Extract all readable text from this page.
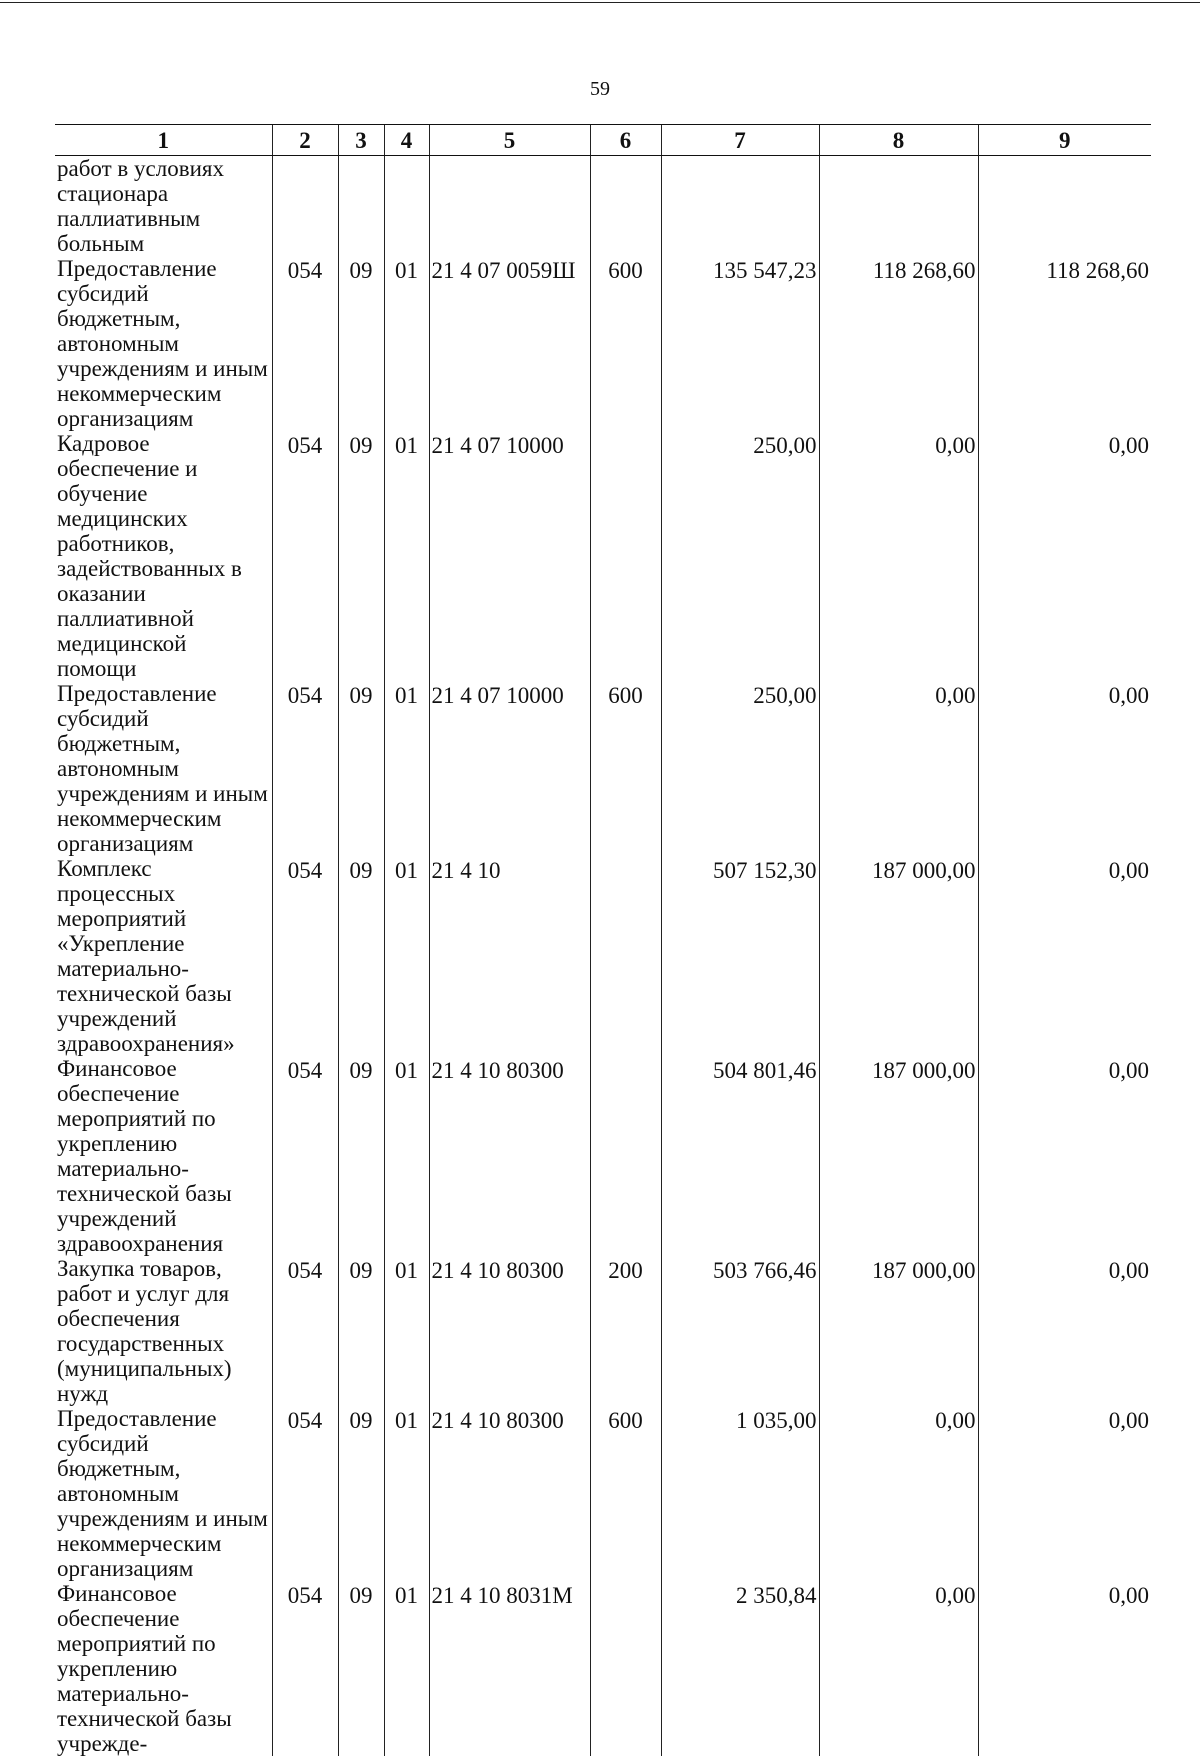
59
1	2	3	4	5	6	7	8	9
работ в условиях стационара паллиативным больным								
Предоставление субсидий бюджетным, автономным учреждениям и иным некоммерческим организациям	054	09	01	21 4 07 0059Ш	600	135 547,23	118 268,60	118 268,60
Кадровое обеспечение и обучение медицинских работников, задействованных в оказании паллиативной медицинской помощи	054	09	01	21 4 07 10000		250,00	0,00	0,00
Предоставление субсидий бюджетным, автономным учреждениям и иным некоммерческим организациям	054	09	01	21 4 07 10000	600	250,00	0,00	0,00
Комплекс процессных мероприятий «Укрепление материально-технической базы учреждений здравоохранения»	054	09	01	21 4 10		507 152,30	187 000,00	0,00
Финансовое обеспечение мероприятий по укреплению материально-технической базы учреждений здравоохранения	054	09	01	21 4 10 80300		504 801,46	187 000,00	0,00
Закупка товаров, работ и услуг для обеспечения государственных (муниципальных) нужд	054	09	01	21 4 10 80300	200	503 766,46	187 000,00	0,00
Предоставление субсидий бюджетным, автономным учреждениям и иным некоммерческим организациям	054	09	01	21 4 10 80300	600	1 035,00	0,00	0,00
Финансовое обеспечение мероприятий по укреплению материально-технической базы учрежде-	054	09	01	21 4 10 8031М		2 350,84	0,00	0,00
